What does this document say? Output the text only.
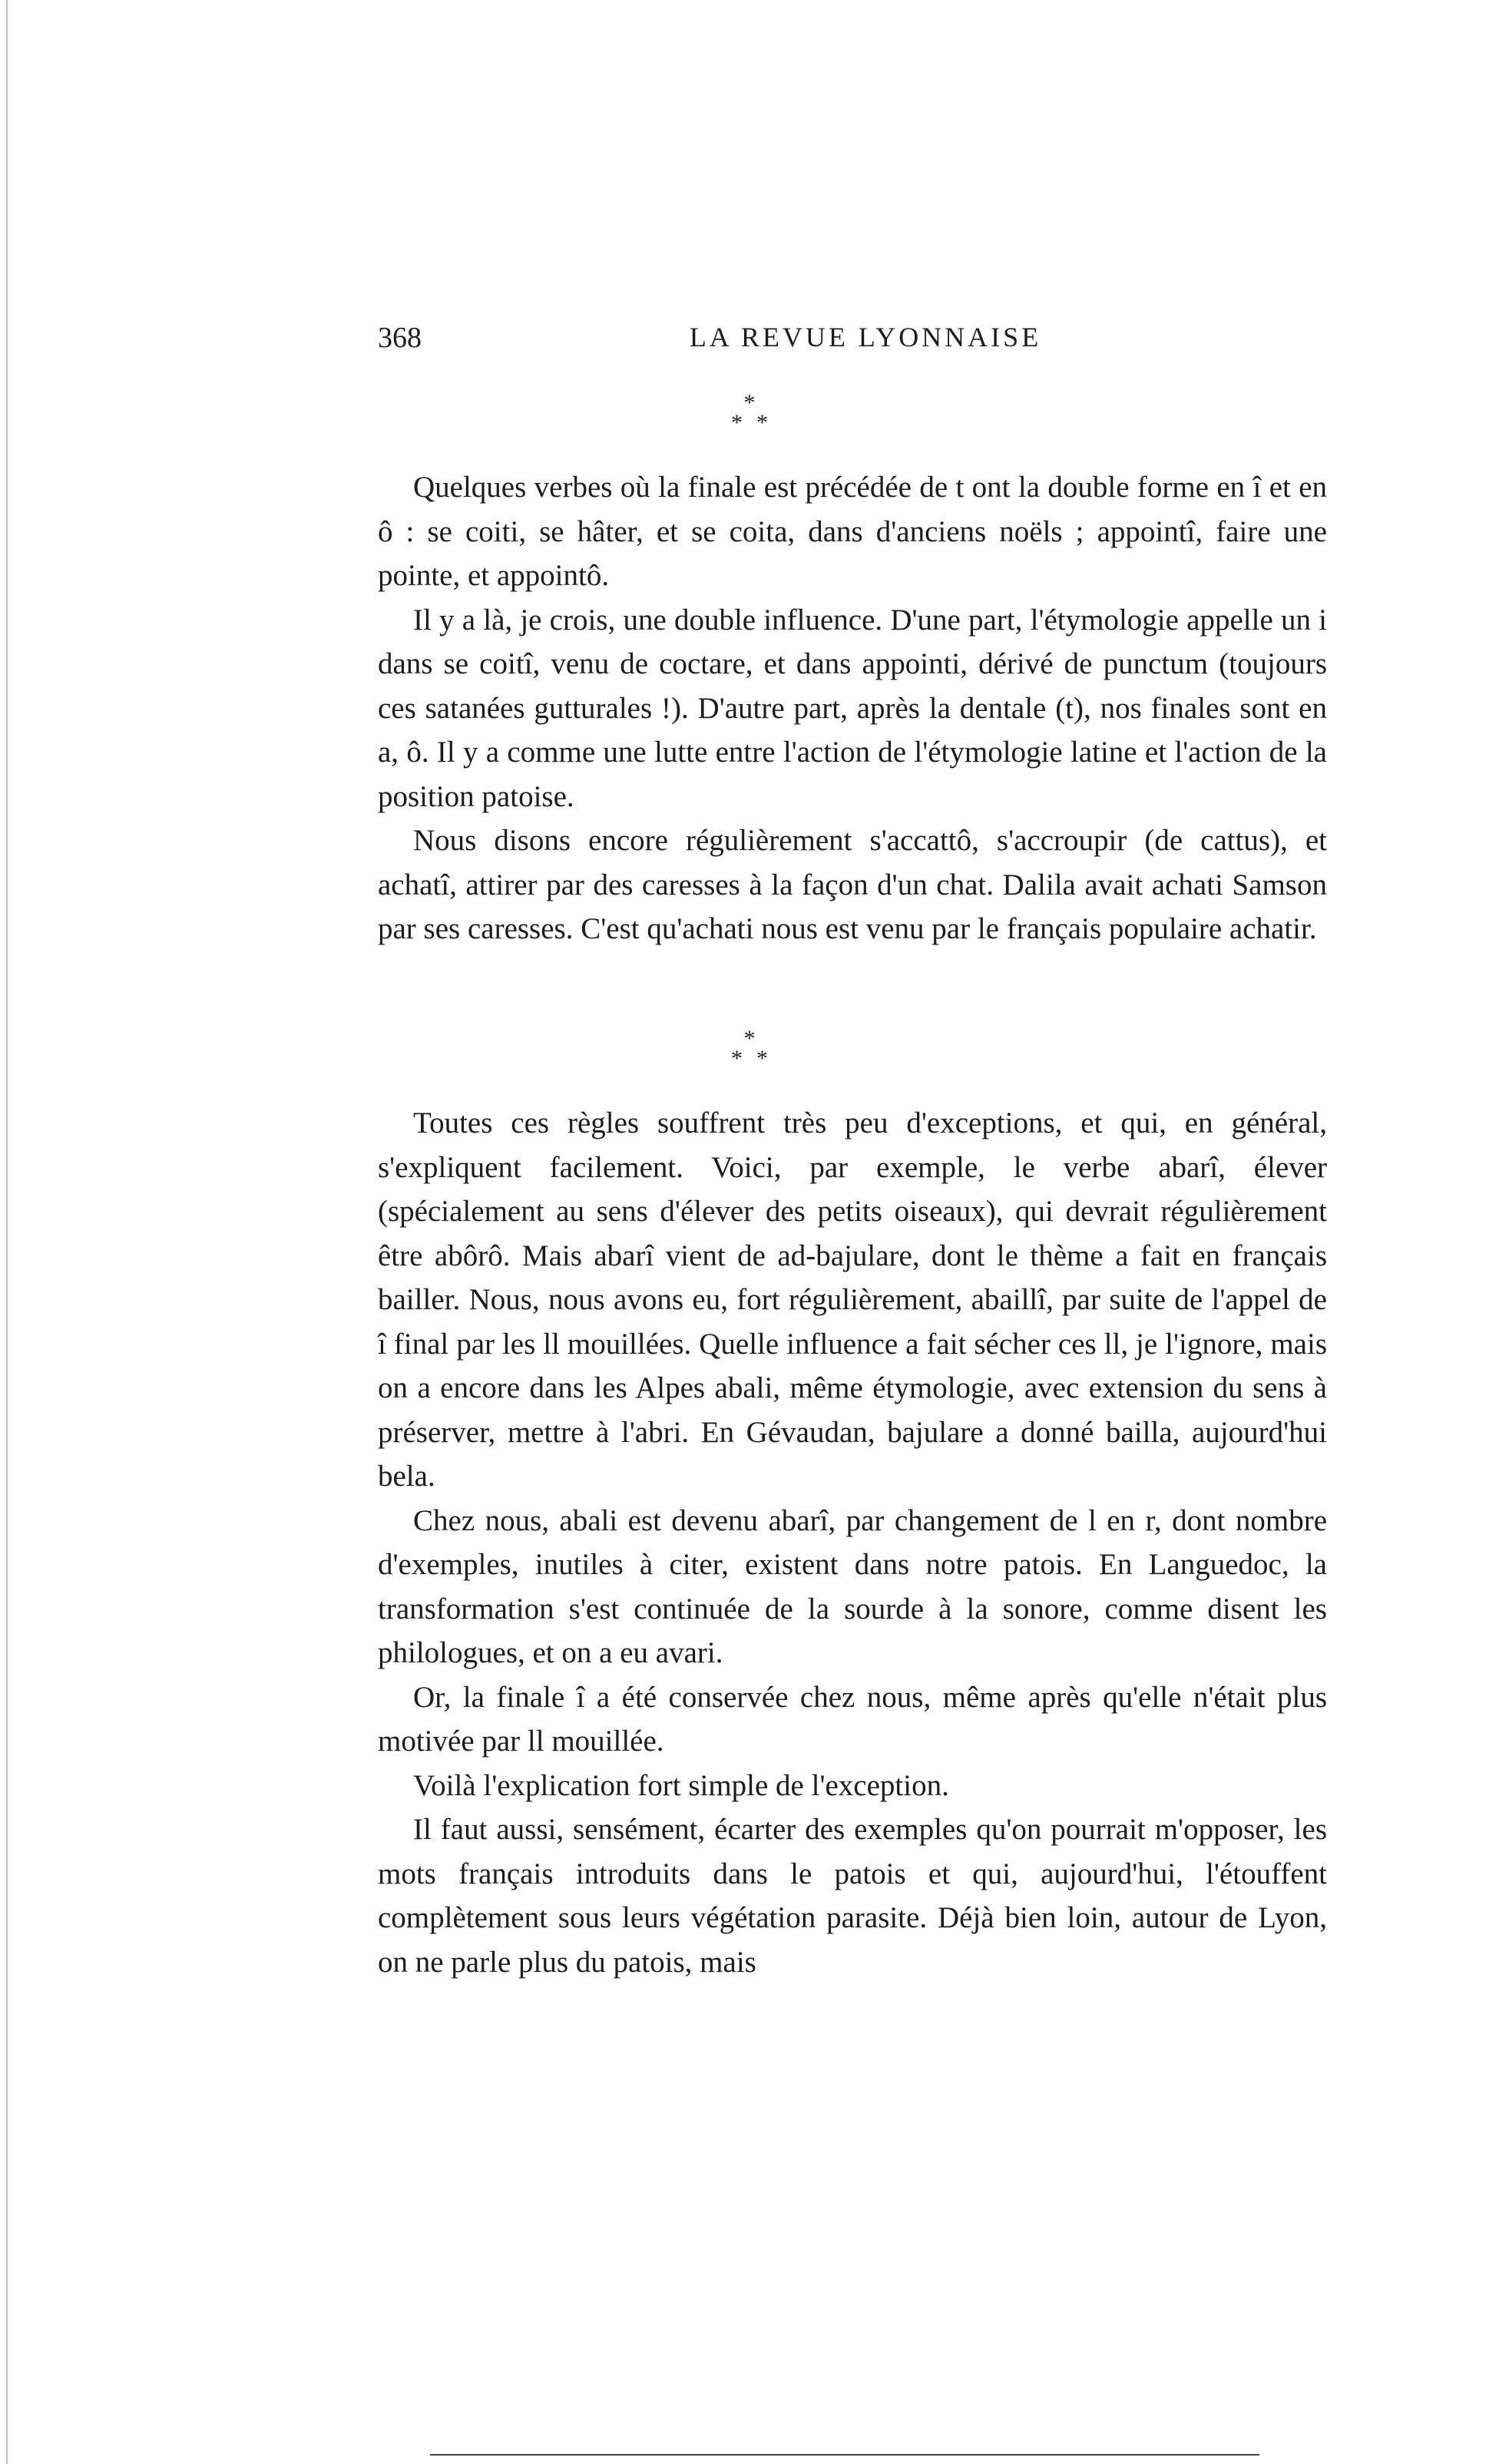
368	LA REVUE LYONNAISE
*
**

Quelques verbes où la finale est précédée de t ont la double forme en î et en ô : se coiti, se hâter, et se coita, dans d'anciens noëls ; appointî, faire une pointe, et appointô.

Il y a là, je crois, une double influence. D'une part, l'étymologie appelle un i dans se coitî, venu de coctare, et dans appointi, dérivé de punctum (toujours ces satanées gutturales !). D'autre part, après la dentale (t), nos finales sont en a, ô. Il y a comme une lutte entre l'action de l'étymologie latine et l'action de la position patoise.

Nous disons encore régulièrement s'accattô, s'accroupir (de cattus), et achatî, attirer par des caresses à la façon d'un chat. Dalila avait achati Samson par ses caresses. C'est qu'achati nous est venu par le français populaire achatir.

*
**

Toutes ces règles souffrent très peu d'exceptions, et qui, en général, s'expliquent facilement. Voici, par exemple, le verbe abarî, élever (spécialement au sens d'élever des petits oiseaux), qui devrait régulièrement être abôrô. Mais abarî vient de ad-bajulare, dont le thème a fait en français bailler. Nous, nous avons eu, fort régulièrement, abaillî, par suite de l'appel de î final par les ll mouillées. Quelle influence a fait sécher ces ll, je l'ignore, mais on a encore dans les Alpes abali, même étymologie, avec extension du sens à préserver, mettre à l'abri. En Gévaudan, bajulare a donné bailla, aujourd'hui bela.

Chez nous, abali est devenu abarî, par changement de l en r, dont nombre d'exemples, inutiles à citer, existent dans notre patois. En Languedoc, la transformation s'est continuée de la sourde à la sonore, comme disent les philologues, et on a eu avari.

Or, la finale î a été conservée chez nous, même après qu'elle n'était plus motivée par ll mouillée.

Voilà l'explication fort simple de l'exception.

Il faut aussi, sensément, écarter des exemples qu'on pourrait m'opposer, les mots français introduits dans le patois et qui, aujourd'hui, l'étouffent complètement sous leurs végétation parasite. Déjà bien loin, autour de Lyon, on ne parle plus du patois, mais
